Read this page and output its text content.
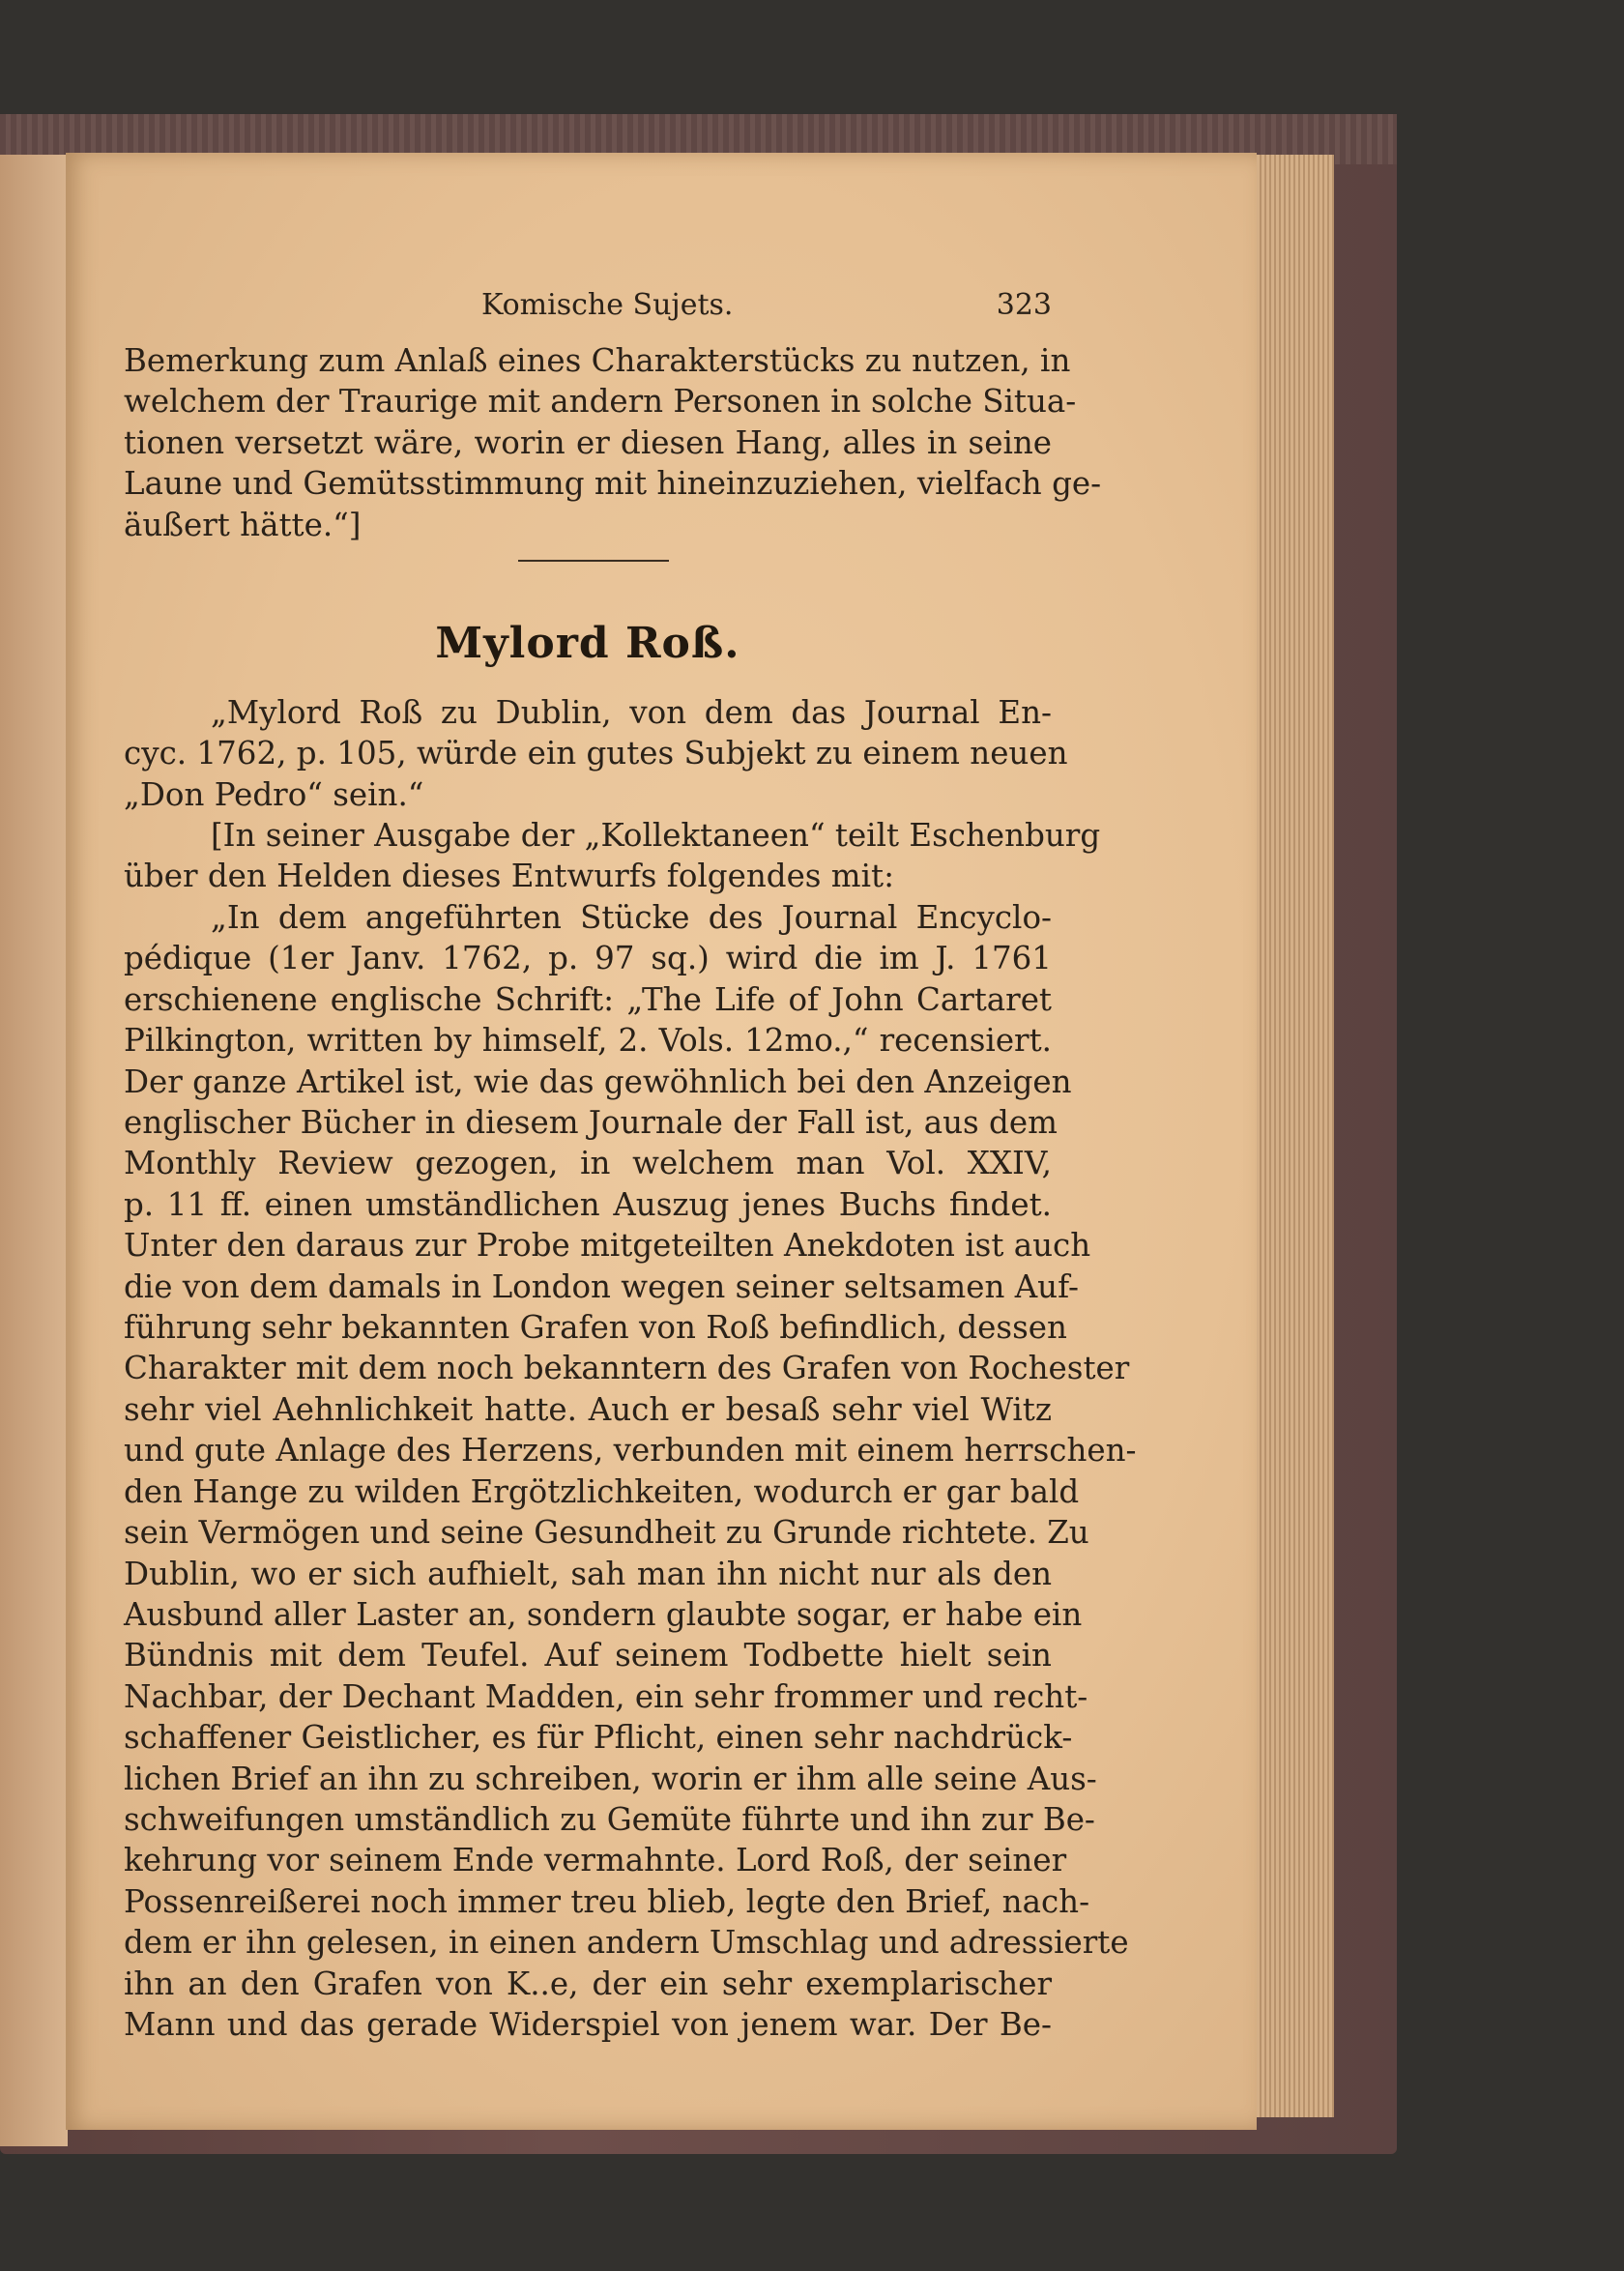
Komische Sujets.	323
Bemerkung zum Anlaß eines Charakterstücks zu nutzen, in
welchem der Traurige mit andern Personen in solche Situa-
tionen versetzt wäre, worin er diesen Hang, alles in seine
Laune und Gemütsstimmung mit hineinzuziehen, vielfach ge-
äußert hätte.“]
Mylord Roß.
„Mylord Roß zu Dublin, von dem das Journal En-
cyc. 1762, p. 105, würde ein gutes Subjekt zu einem neuen
„Don Pedro“ sein.“
[In seiner Ausgabe der „Kollektaneen“ teilt Eschenburg
über den Helden dieses Entwurfs folgendes mit:
„In dem angeführten Stücke des Journal Encyclo-
pédique (1er Janv. 1762, p. 97 sq.) wird die im J. 1761
erschienene englische Schrift: „The Life of John Cartaret
Pilkington, written by himself, 2. Vols. 12mo.,“ recensiert.
Der ganze Artikel ist, wie das gewöhnlich bei den Anzeigen
englischer Bücher in diesem Journale der Fall ist, aus dem
Monthly Review gezogen, in welchem man Vol. XXIV,
p. 11 ff. einen umständlichen Auszug jenes Buchs findet.
Unter den daraus zur Probe mitgeteilten Anekdoten ist auch
die von dem damals in London wegen seiner seltsamen Auf-
führung sehr bekannten Grafen von Roß befindlich, dessen
Charakter mit dem noch bekanntern des Grafen von Rochester
sehr viel Aehnlichkeit hatte. Auch er besaß sehr viel Witz
und gute Anlage des Herzens, verbunden mit einem herrschen-
den Hange zu wilden Ergötzlichkeiten, wodurch er gar bald
sein Vermögen und seine Gesundheit zu Grunde richtete. Zu
Dublin, wo er sich aufhielt, sah man ihn nicht nur als den
Ausbund aller Laster an, sondern glaubte sogar, er habe ein
Bündnis mit dem Teufel. Auf seinem Todbette hielt sein
Nachbar, der Dechant Madden, ein sehr frommer und recht-
schaffener Geistlicher, es für Pflicht, einen sehr nachdrück-
lichen Brief an ihn zu schreiben, worin er ihm alle seine Aus-
schweifungen umständlich zu Gemüte führte und ihn zur Be-
kehrung vor seinem Ende vermahnte. Lord Roß, der seiner
Possenreißerei noch immer treu blieb, legte den Brief, nach-
dem er ihn gelesen, in einen andern Umschlag und adressierte
ihn an den Grafen von K..e, der ein sehr exemplarischer
Mann und das gerade Widerspiel von jenem war. Der Be-
